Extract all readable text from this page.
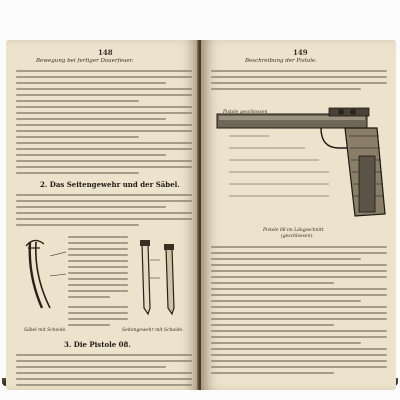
148
Bewegung bei fertiger Dauerfeuer.
2. Das Seitengewehr und der Säbel.
Säbel mit Scheide.	Seitengewehr mit Scheide.
3. Die Pistole 08.
149
Beschreibung der Pistole.
Pistole geschlossen
Pistole 08 im Längsschnitt
(geschlossen).
